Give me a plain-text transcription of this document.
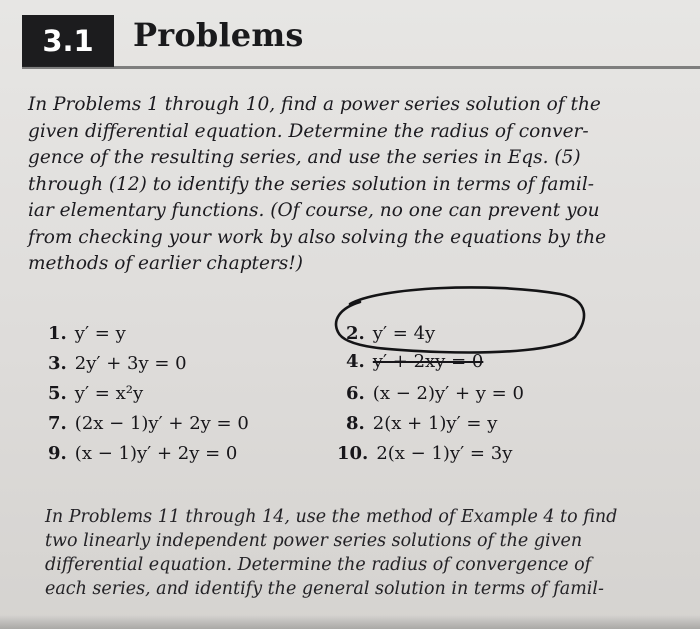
3.1	Problems
In Problems 1 through 10, find a power series solution of the
given differential equation. Determine the radius of conver-
gence of the resulting series, and use the series in Eqs. (5)
through (12) to identify the series solution in terms of famil-
iar elementary functions. (Of course, no one can prevent you
from checking your work by also solving the equations by the
methods of earlier chapters!)
1. y′ = y	2. y′ = 4y
3. 2y′ + 3y = 0	4. y′ + 2xy = 0
5. y′ = x²y	6. (x − 2)y′ + y = 0
7. (2x − 1)y′ + 2y = 0	8. 2(x + 1)y′ = y
9. (x − 1)y′ + 2y = 0	10. 2(x − 1)y′ = 3y
In Problems 11 through 14, use the method of Example 4 to find
two linearly independent power series solutions of the given
differential equation. Determine the radius of convergence of
each series, and identify the general solution in terms of famil-
